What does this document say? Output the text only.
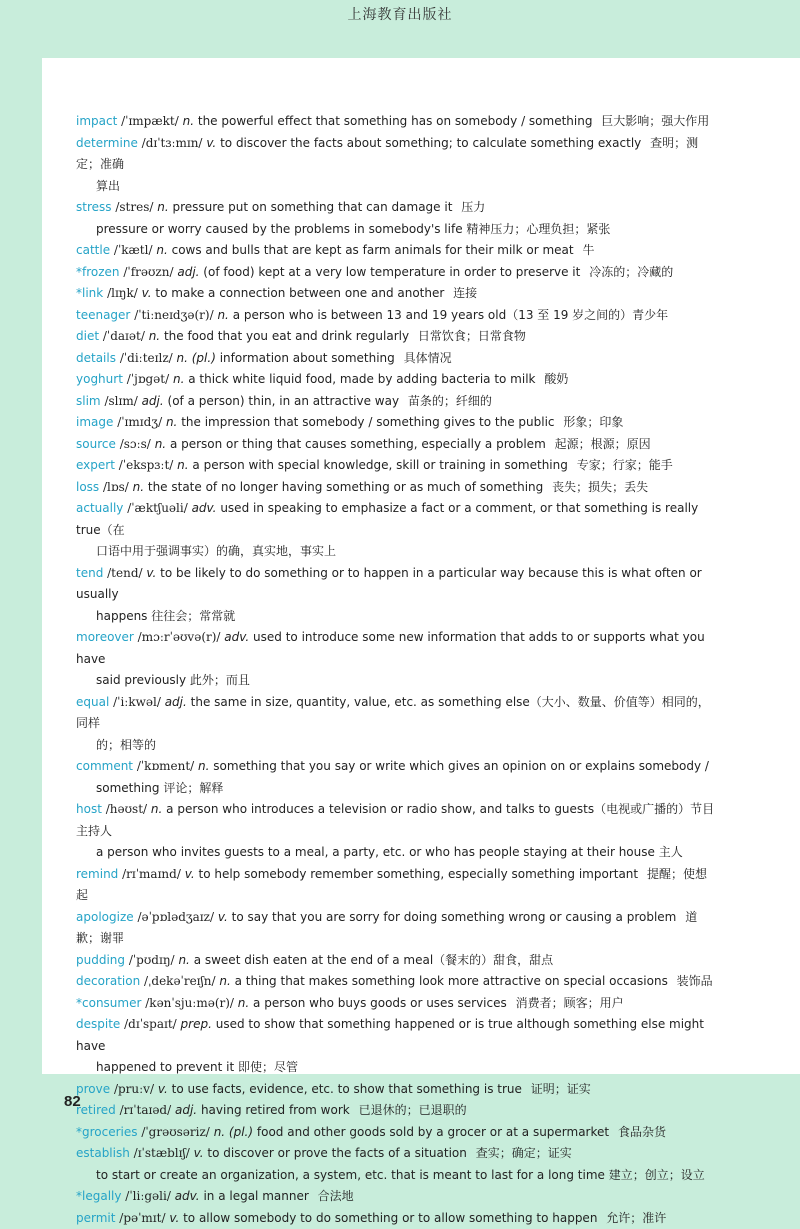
上海教育出版社
impact /ˈɪmpækt/ n. the powerful effect that something has on somebody / something 巨大影响；强大作用
determine /dɪˈtɜːmɪn/ v. to discover the facts about something; to calculate something exactly 查明；测定；准确
算出
stress /stres/ n. pressure put on something that can damage it 压力
pressure or worry caused by the problems in somebody's life 精神压力；心理负担；紧张
cattle /ˈkætl/ n. cows and bulls that are kept as farm animals for their milk or meat 牛
*frozen /ˈfrəʊzn/ adj. (of food) kept at a very low temperature in order to preserve it 冷冻的；冷藏的
*link /lɪŋk/ v. to make a connection between one and another 连接
teenager /ˈtiːneɪdʒə(r)/ n. a person who is between 13 and 19 years old（13 至 19 岁之间的）青少年
diet /ˈdaɪət/ n. the food that you eat and drink regularly 日常饮食；日常食物
details /ˈdiːteɪlz/ n. (pl.) information about something 具体情况
yoghurt /ˈjɒgət/ n. a thick white liquid food, made by adding bacteria to milk 酸奶
slim /slɪm/ adj. (of a person) thin, in an attractive way 苗条的；纤细的
image /ˈɪmɪdʒ/ n. the impression that somebody / something gives to the public 形象；印象
source /sɔːs/ n. a person or thing that causes something, especially a problem 起源；根源；原因
expert /ˈekspɜːt/ n. a person with special knowledge, skill or training in something 专家；行家；能手
loss /lɒs/ n. the state of no longer having something or as much of something 丧失；损失；丢失
actually /ˈæktʃuəli/ adv. used in speaking to emphasize a fact or a comment, or that something is really true（在
口语中用于强调事实）的确，真实地，事实上
tend /tend/ v. to be likely to do something or to happen in a particular way because this is what often or usually
happens 往往会；常常就
moreover /mɔːrˈəʊvə(r)/ adv. used to introduce some new information that adds to or supports what you have
said previously 此外；而且
equal /ˈiːkwəl/ adj. the same in size, quantity, value, etc. as something else（大小、数量、价值等）相同的，同样
的；相等的
comment /ˈkɒment/ n. something that you say or write which gives an opinion on or explains somebody /
something 评论；解释
host /həʊst/ n. a person who introduces a television or radio show, and talks to guests（电视或广播的）节目主持人
a person who invites guests to a meal, a party, etc. or who has people staying at their house 主人
remind /rɪˈmaɪnd/ v. to help somebody remember something, especially something important 提醒；使想起
apologize /əˈpɒlədʒaɪz/ v. to say that you are sorry for doing something wrong or causing a problem 道歉；谢罪
pudding /ˈpʊdɪŋ/ n. a sweet dish eaten at the end of a meal（餐末的）甜食，甜点
decoration /ˌdekəˈreɪʃn/ n. a thing that makes something look more attractive on special occasions 装饰品
*consumer /kənˈsjuːmə(r)/ n. a person who buys goods or uses services 消费者；顾客；用户
despite /dɪˈspaɪt/ prep. used to show that something happened or is true although something else might have
happened to prevent it 即使；尽管
prove /pruːv/ v. to use facts, evidence, etc. to show that something is true 证明；证实
retired /rɪˈtaɪəd/ adj. having retired from work 已退休的；已退职的
*groceries /ˈgrəʊsəriz/ n. (pl.) food and other goods sold by a grocer or at a supermarket 食品杂货
establish /ɪˈstæblɪʃ/ v. to discover or prove the facts of a situation 查实；确定；证实
to start or create an organization, a system, etc. that is meant to last for a long time 建立；创立；设立
*legally /ˈliːgəli/ adv. in a legal manner 合法地
permit /pəˈmɪt/ v. to allow somebody to do something or to allow something to happen 允许；准许
82
